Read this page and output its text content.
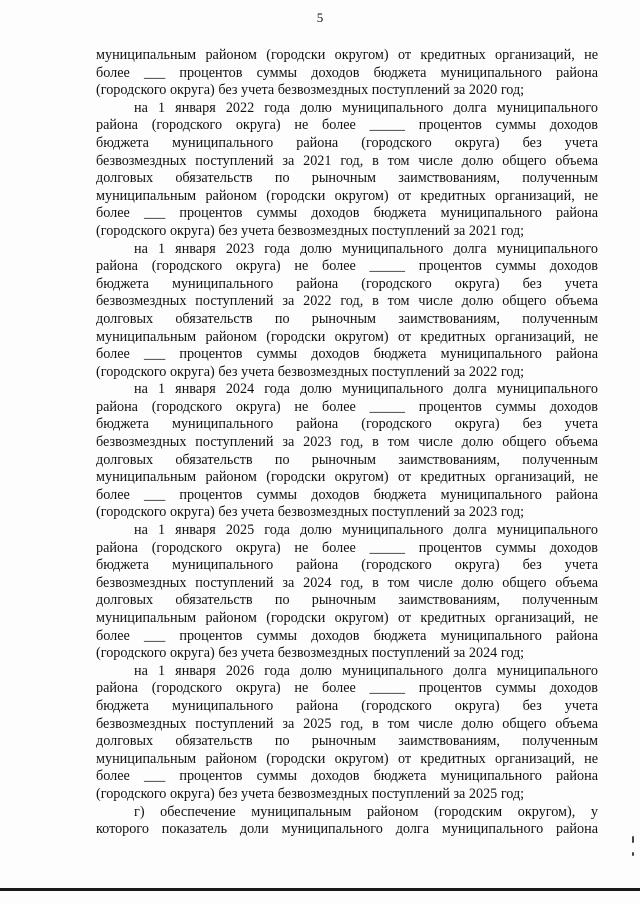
5
муниципальным районом (городски округом) от кредитных организаций, не
более ___ процентов суммы доходов бюджета муниципального района
(городского округа) без учета безвозмездных поступлений за 2020 год;
на 1 января 2022 года долю муниципального долга муниципального
района (городского округа) не более _____ процентов суммы доходов
бюджета муниципального района (городского округа) без учета
безвозмездных поступлений за 2021 год, в том числе долю общего объема
долговых обязательств по рыночным заимствованиям, полученным
муниципальным районом (городски округом) от кредитных организаций, не
более ___ процентов суммы доходов бюджета муниципального района
(городского округа) без учета безвозмездных поступлений за 2021 год;
на 1 января 2023 года долю муниципального долга муниципального
района (городского округа) не более _____ процентов суммы доходов
бюджета муниципального района (городского округа) без учета
безвозмездных поступлений за 2022 год, в том числе долю общего объема
долговых обязательств по рыночным заимствованиям, полученным
муниципальным районом (городски округом) от кредитных организаций, не
более ___ процентов суммы доходов бюджета муниципального района
(городского округа) без учета безвозмездных поступлений за 2022 год;
на 1 января 2024 года долю муниципального долга муниципального
района (городского округа) не более _____ процентов суммы доходов
бюджета муниципального района (городского округа) без учета
безвозмездных поступлений за 2023 год, в том числе долю общего объема
долговых обязательств по рыночным заимствованиям, полученным
муниципальным районом (городски округом) от кредитных организаций, не
более ___ процентов суммы доходов бюджета муниципального района
(городского округа) без учета безвозмездных поступлений за 2023 год;
на 1 января 2025 года долю муниципального долга муниципального
района (городского округа) не более _____ процентов суммы доходов
бюджета муниципального района (городского округа) без учета
безвозмездных поступлений за 2024 год, в том числе долю общего объема
долговых обязательств по рыночным заимствованиям, полученным
муниципальным районом (городски округом) от кредитных организаций, не
более ___ процентов суммы доходов бюджета муниципального района
(городского округа) без учета безвозмездных поступлений за 2024 год;
на 1 января 2026 года долю муниципального долга муниципального
района (городского округа) не более _____ процентов суммы доходов
бюджета муниципального района (городского округа) без учета
безвозмездных поступлений за 2025 год, в том числе долю общего объема
долговых обязательств по рыночным заимствованиям, полученным
муниципальным районом (городски округом) от кредитных организаций, не
более ___ процентов суммы доходов бюджета муниципального района
(городского округа) без учета безвозмездных поступлений за 2025 год;
г) обеспечение муниципальным районом (городским округом), у
которого показатель доли муниципального долга муниципального района
